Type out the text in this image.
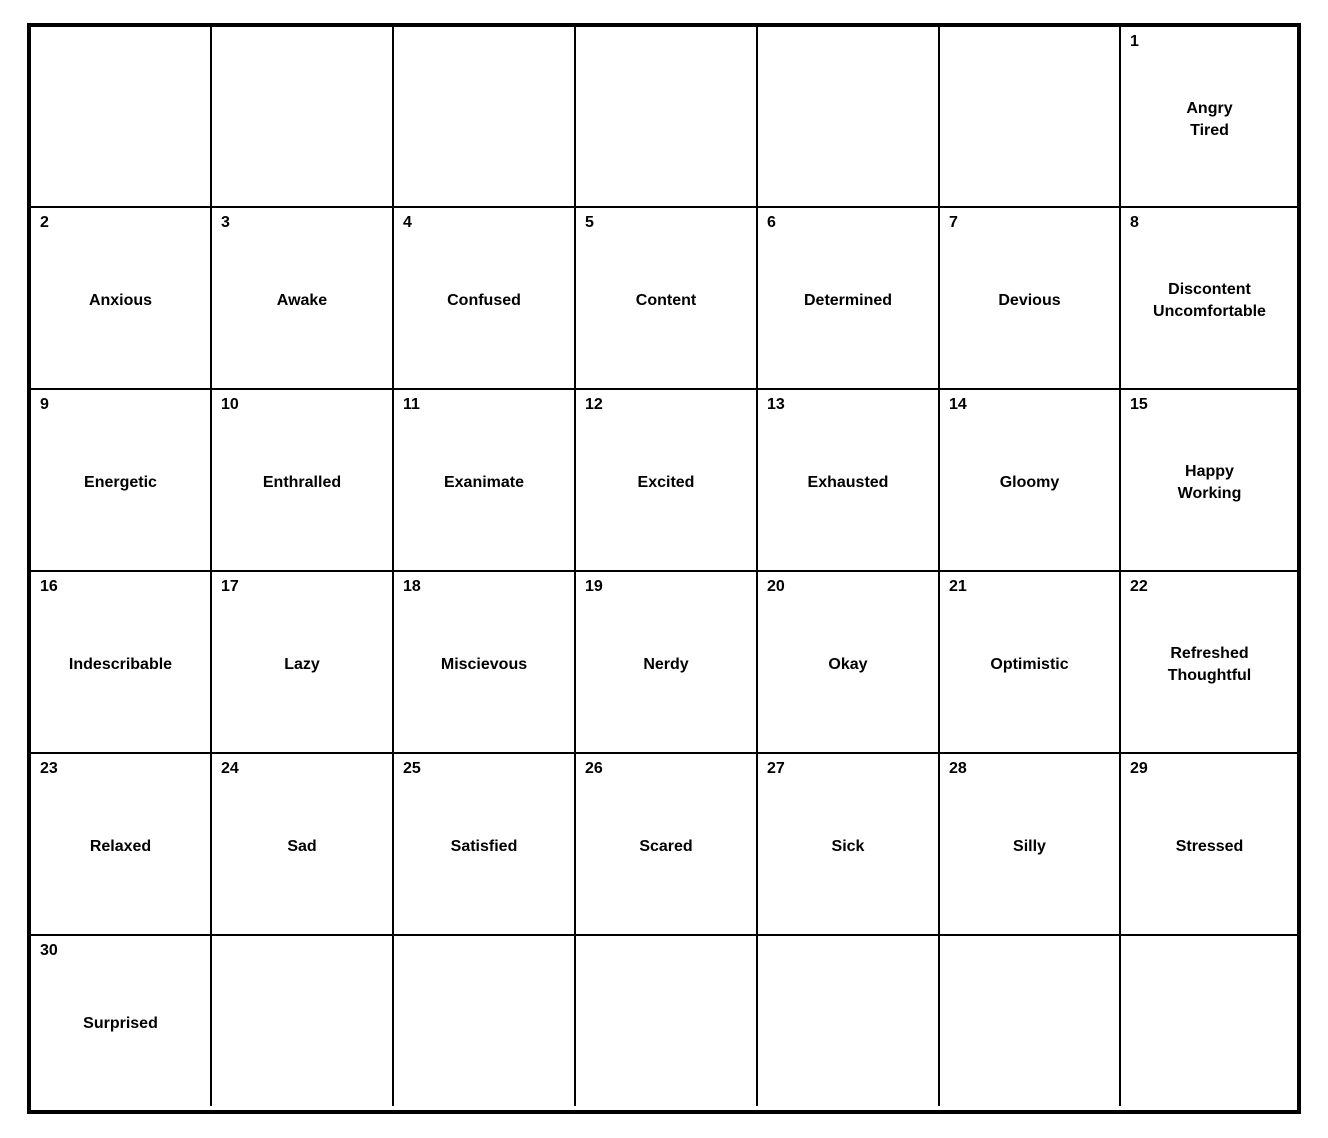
1
Angry
Tired
2
Anxious
3
Awake
4
Confused
5
Content
6
Determined
7
Devious
8
Discontent
Uncomfortable
9
Energetic
10
Enthralled
11
Exanimate
12
Excited
13
Exhausted
14
Gloomy
15
Happy
Working
16
Indescribable
17
Lazy
18
Miscievous
19
Nerdy
20
Okay
21
Optimistic
22
Refreshed
Thoughtful
23
Relaxed
24
Sad
25
Satisfied
26
Scared
27
Sick
28
Silly
29
Stressed
30
Surprised
